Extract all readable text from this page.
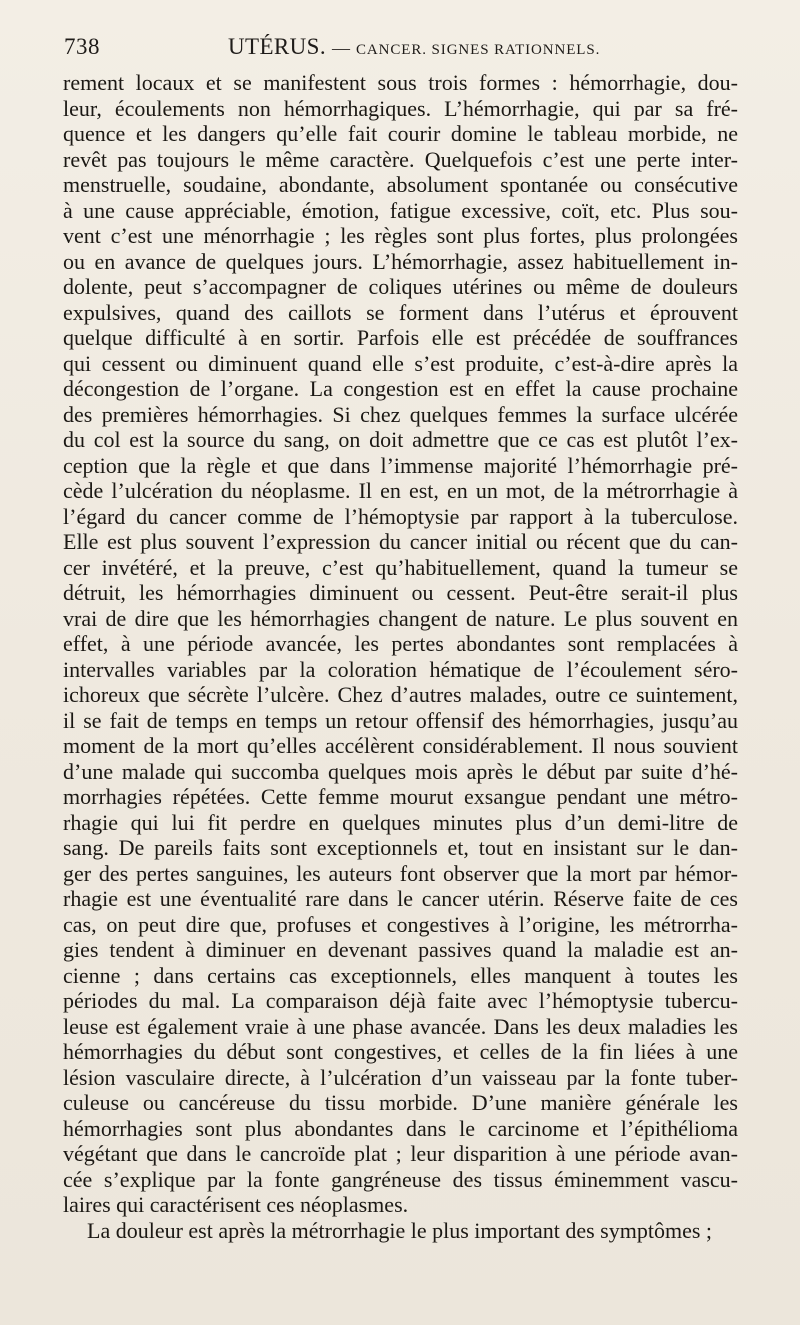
738	UTÉRUS. — CANCER. SIGNES RATIONNELS.
rement locaux et se manifestent sous trois formes : hémorrhagie, dou-
leur, écoulements non hémorrhagiques. L’hémorrhagie, qui par sa fré-
quence et les dangers qu’elle fait courir domine le tableau morbide, ne
revêt pas toujours le même caractère. Quelquefois c’est une perte inter-
menstruelle, soudaine, abondante, absolument spontanée ou consécutive
à une cause appréciable, émotion, fatigue excessive, coït, etc. Plus sou-
vent c’est une ménorrhagie ; les règles sont plus fortes, plus prolongées
ou en avance de quelques jours. L’hémorrhagie, assez habituellement in-
dolente, peut s’accompagner de coliques utérines ou même de douleurs
expulsives, quand des caillots se forment dans l’utérus et éprouvent
quelque difficulté à en sortir. Parfois elle est précédée de souffrances
qui cessent ou diminuent quand elle s’est produite, c’est-à-dire après la
décongestion de l’organe. La congestion est en effet la cause prochaine
des premières hémorrhagies. Si chez quelques femmes la surface ulcérée
du col est la source du sang, on doit admettre que ce cas est plutôt l’ex-
ception que la règle et que dans l’immense majorité l’hémorrhagie pré-
cède l’ulcération du néoplasme. Il en est, en un mot, de la métrorrhagie à
l’égard du cancer comme de l’hémoptysie par rapport à la tuberculose.
Elle est plus souvent l’expression du cancer initial ou récent que du can-
cer invétéré, et la preuve, c’est qu’habituellement, quand la tumeur se
détruit, les hémorrhagies diminuent ou cessent. Peut-être serait-il plus
vrai de dire que les hémorrhagies changent de nature. Le plus souvent en
effet, à une période avancée, les pertes abondantes sont remplacées à
intervalles variables par la coloration hématique de l’écoulement séro-
ichoreux que sécrète l’ulcère. Chez d’autres malades, outre ce suintement,
il se fait de temps en temps un retour offensif des hémorrhagies, jusqu’au
moment de la mort qu’elles accélèrent considérablement. Il nous souvient
d’une malade qui succomba quelques mois après le début par suite d’hé-
morrhagies répétées. Cette femme mourut exsangue pendant une métro-
rhagie qui lui fit perdre en quelques minutes plus d’un demi-litre de
sang. De pareils faits sont exceptionnels et, tout en insistant sur le dan-
ger des pertes sanguines, les auteurs font observer que la mort par hémor-
rhagie est une éventualité rare dans le cancer utérin. Réserve faite de ces
cas, on peut dire que, profuses et congestives à l’origine, les métrorrha-
gies tendent à diminuer en devenant passives quand la maladie est an-
cienne ; dans certains cas exceptionnels, elles manquent à toutes les
périodes du mal. La comparaison déjà faite avec l’hémoptysie tubercu-
leuse est également vraie à une phase avancée. Dans les deux maladies les
hémorrhagies du début sont congestives, et celles de la fin liées à une
lésion vasculaire directe, à l’ulcération d’un vaisseau par la fonte tuber-
culeuse ou cancéreuse du tissu morbide. D’une manière générale les
hémorrhagies sont plus abondantes dans le carcinome et l’épithélioma
végétant que dans le cancroïde plat ; leur disparition à une période avan-
cée s’explique par la fonte gangréneuse des tissus éminemment vascu-
laires qui caractérisent ces néoplasmes.
La douleur est après la métrorrhagie le plus important des symptômes ;
